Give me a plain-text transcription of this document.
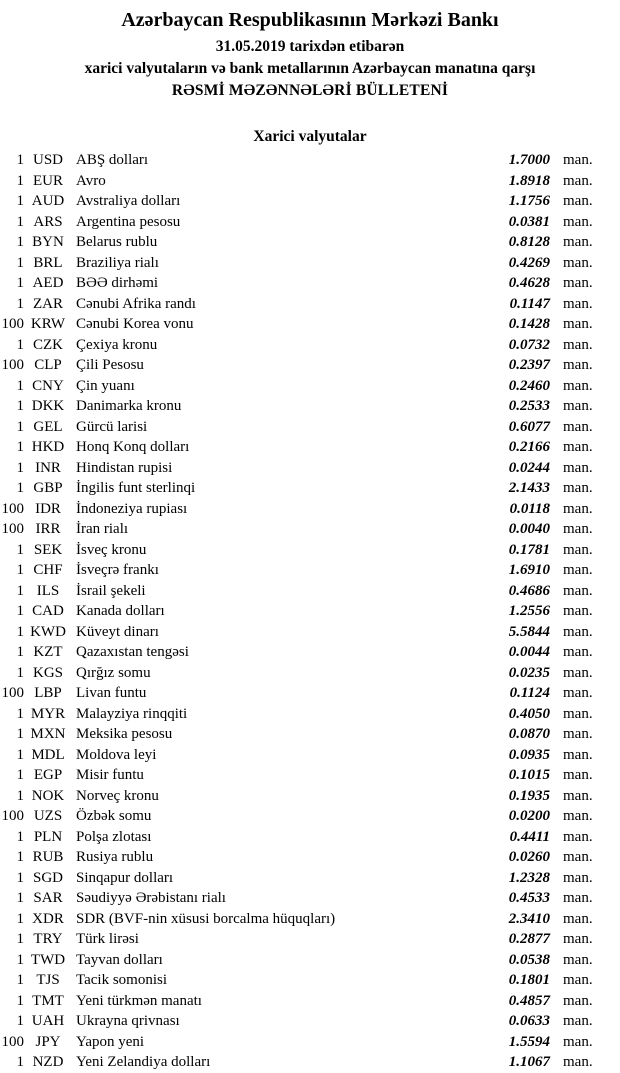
Azərbaycan Respublikasının Mərkəzi Bankı
31.05.2019 tarixdən etibarən
xarici valyutaların və bank metallarının Azərbaycan manatına qarşı
RƏSMİ MƏZƏNNƏLƏRİ BÜLLETENİ
Xarici valyutalar
1 USD ABŞ dolları	1.7000 man.
1 EUR Avro	1.8918 man.
1 AUD Avstraliya dolları	1.1756 man.
1 ARS Argentina pesosu	0.0381 man.
1 BYN Belarus rublu	0.8128 man.
1 BRL Braziliya rialı	0.4269 man.
1 AED BƏƏ dirhəmi	0.4628 man.
1 ZAR Cənubi Afrika randı	0.1147 man.
100 KRW Cənubi Korea vonu	0.1428 man.
1 CZK Çexiya kronu	0.0732 man.
100 CLP Çili Pesosu	0.2397 man.
1 CNY Çin yuanı	0.2460 man.
1 DKK Danimarka kronu	0.2533 man.
1 GEL Gürcü larisi	0.6077 man.
1 HKD Honq Konq dolları	0.2166 man.
1 INR	Hindistan rupisi	0.0244 man.
1 GBP İngilis funt sterlinqi	2.1433 man.
100 IDR	İndoneziya rupiası	0.0118 man.
100 IRR	İran rialı	0.0040 man.
1 SEK İsveç kronu	0.1781 man.
1 CHF İsveçrə frankı	1.6910 man.
1 ILS	İsrail şekeli	0.4686 man.
1 CAD Kanada dolları	1.2556 man.
1 KWD Küveyt dinarı	5.5844 man.
1 KZT Qazaxıstan tengəsi	0.0044 man.
1 KGS Qırğız somu	0.0235 man.
100 LBP Livan funtu	0.1124 man.
1 MYR Malayziya rinqqiti	0.4050 man.
1 MXN Meksika pesosu	0.0870 man.
1 MDL Moldova leyi	0.0935 man.
1 EGP Misir funtu	0.1015 man.
1 NOK Norveç kronu	0.1935 man.
100 UZS Özbək somu	0.0200 man.
1 PLN Polşa zlotası	0.4411 man.
1 RUB Rusiya rublu	0.0260 man.
1 SGD Sinqapur dolları	1.2328 man.
1 SAR Səudiyyə Ərəbistanı rialı	0.4533 man.
1 XDR SDR (BVF-nin xüsusi borcalma hüquqları)	2.3410 man.
1 TRY Türk lirəsi	0.2877 man.
1 TWD Tayvan dolları	0.0538 man.
1 TJS	Tacik somonisi	0.1801 man.
1 TMT Yeni türkmən manatı	0.4857 man.
1 UAH Ukrayna qrivnası	0.0633 man.
100 JPY	Yapon yeni	1.5594 man.
1 NZD Yeni Zelandiya dolları	1.1067 man.
